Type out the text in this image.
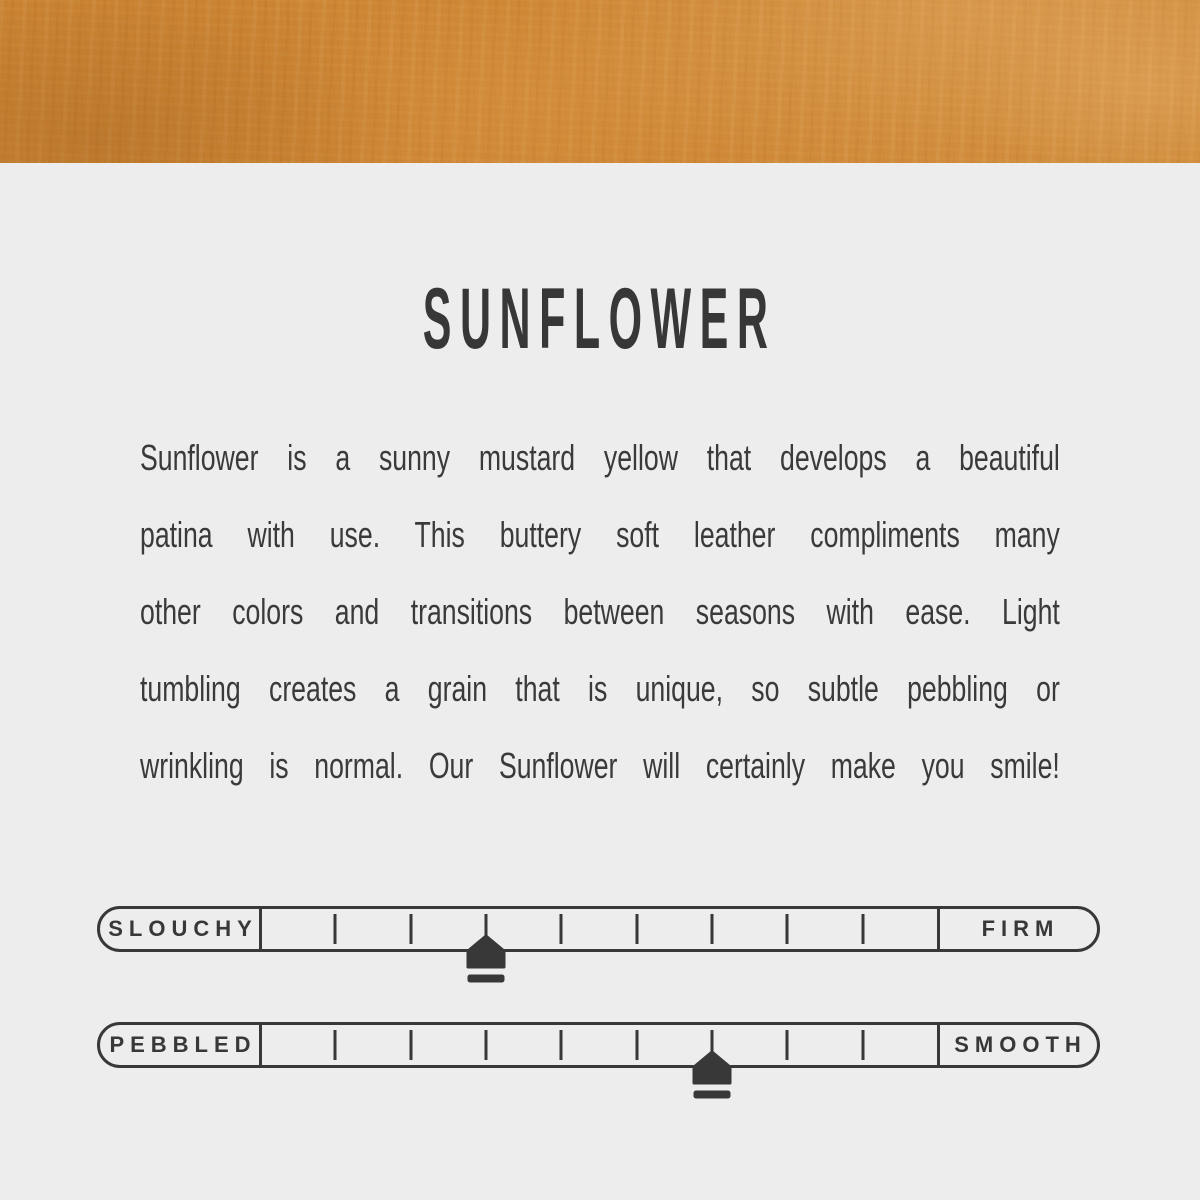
SUNFLOWER
Sunflower is a sunny mustard yellow that develops a beautiful
patina with use. This buttery soft leather compliments many
other colors and transitions between seasons with ease. Light
tumbling creates a grain that is unique, so subtle pebbling or
wrinkling is normal. Our Sunflower will certainly make you smile!
SLOUCHY	FIRM
PEBBLED	SMOOTH
